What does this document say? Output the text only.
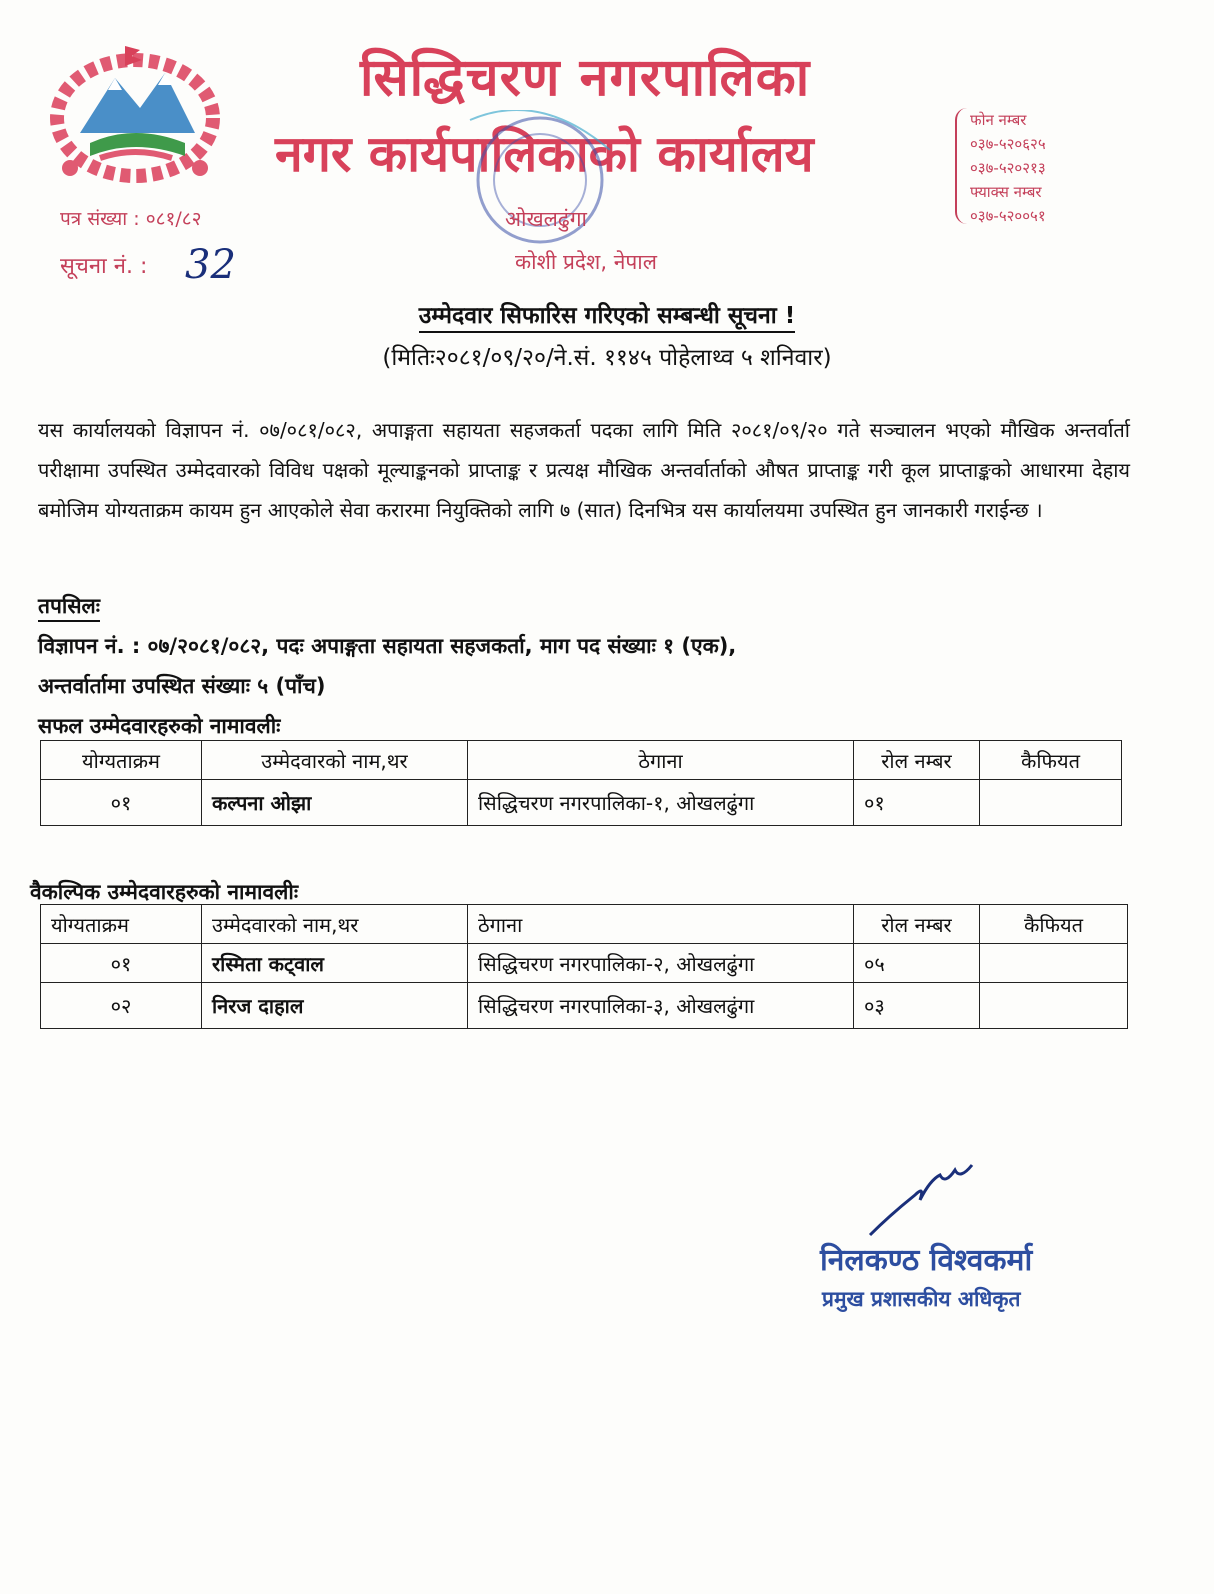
सिद्धिचरण नगरपालिका
नगर कार्यपालिकाको कार्यालय
ओखलढुंगा
कोशी प्रदेश, नेपाल
फोन नम्बर
०३७-५२०६२५
०३७-५२०२१३
फ्याक्स नम्बर
०३७-५२००५१
पत्र संख्या : ०८१/८२
सूचना नं. : 32
उम्मेदवार सिफारिस गरिएको सम्बन्धी सूचना !
(मितिः२०८१/०९/२०/ने.सं. ११४५ पोहेलाथ्व ५ शनिवार)
यस कार्यालयको विज्ञापन नं. ०७/०८१/०८२, अपाङ्गता सहायता सहजकर्ता पदका लागि मिति २०८१/०९/२० गते सञ्चालन भएको मौखिक अन्तर्वार्ता परीक्षामा उपस्थित उम्मेदवारको विविध पक्षको मूल्याङ्कनको प्राप्ताङ्क र प्रत्यक्ष मौखिक अन्तर्वार्ताको औषत प्राप्ताङ्क गरी कूल प्राप्ताङ्कको आधारमा देहाय बमोजिम योग्यताक्रम कायम हुन आएकोले सेवा करारमा नियुक्तिको लागि ७ (सात) दिनभित्र यस कार्यालयमा उपस्थित हुन जानकारी गराईन्छ ।
तपसिलः
विज्ञापन नं. : ०७/२०८१/०८२, पदः अपाङ्गता सहायता सहजकर्ता, माग पद संख्याः १ (एक),
अन्तर्वार्तामा उपस्थित संख्याः ५ (पाँच)
सफल उम्मेदवारहरुको नामावलीः
योग्यताक्रम	उम्मेदवारको नाम,थर	ठेगाना	रोल नम्बर	कैफियत
०१	कल्पना ओझा	सिद्धिचरण नगरपालिका-१, ओखलढुंगा	०१	
वैकल्पिक उम्मेदवारहरुको नामावलीः
योग्यताक्रम	उम्मेदवारको नाम,थर	ठेगाना	रोल नम्बर	कैफियत
०१	रस्मिता कट्वाल	सिद्धिचरण नगरपालिका-२, ओखलढुंगा	०५	
०२	निरज दाहाल	सिद्धिचरण नगरपालिका-३, ओखलढुंगा	०३	
निलकण्ठ विश्वकर्मा
प्रमुख प्रशासकीय अधिकृत
